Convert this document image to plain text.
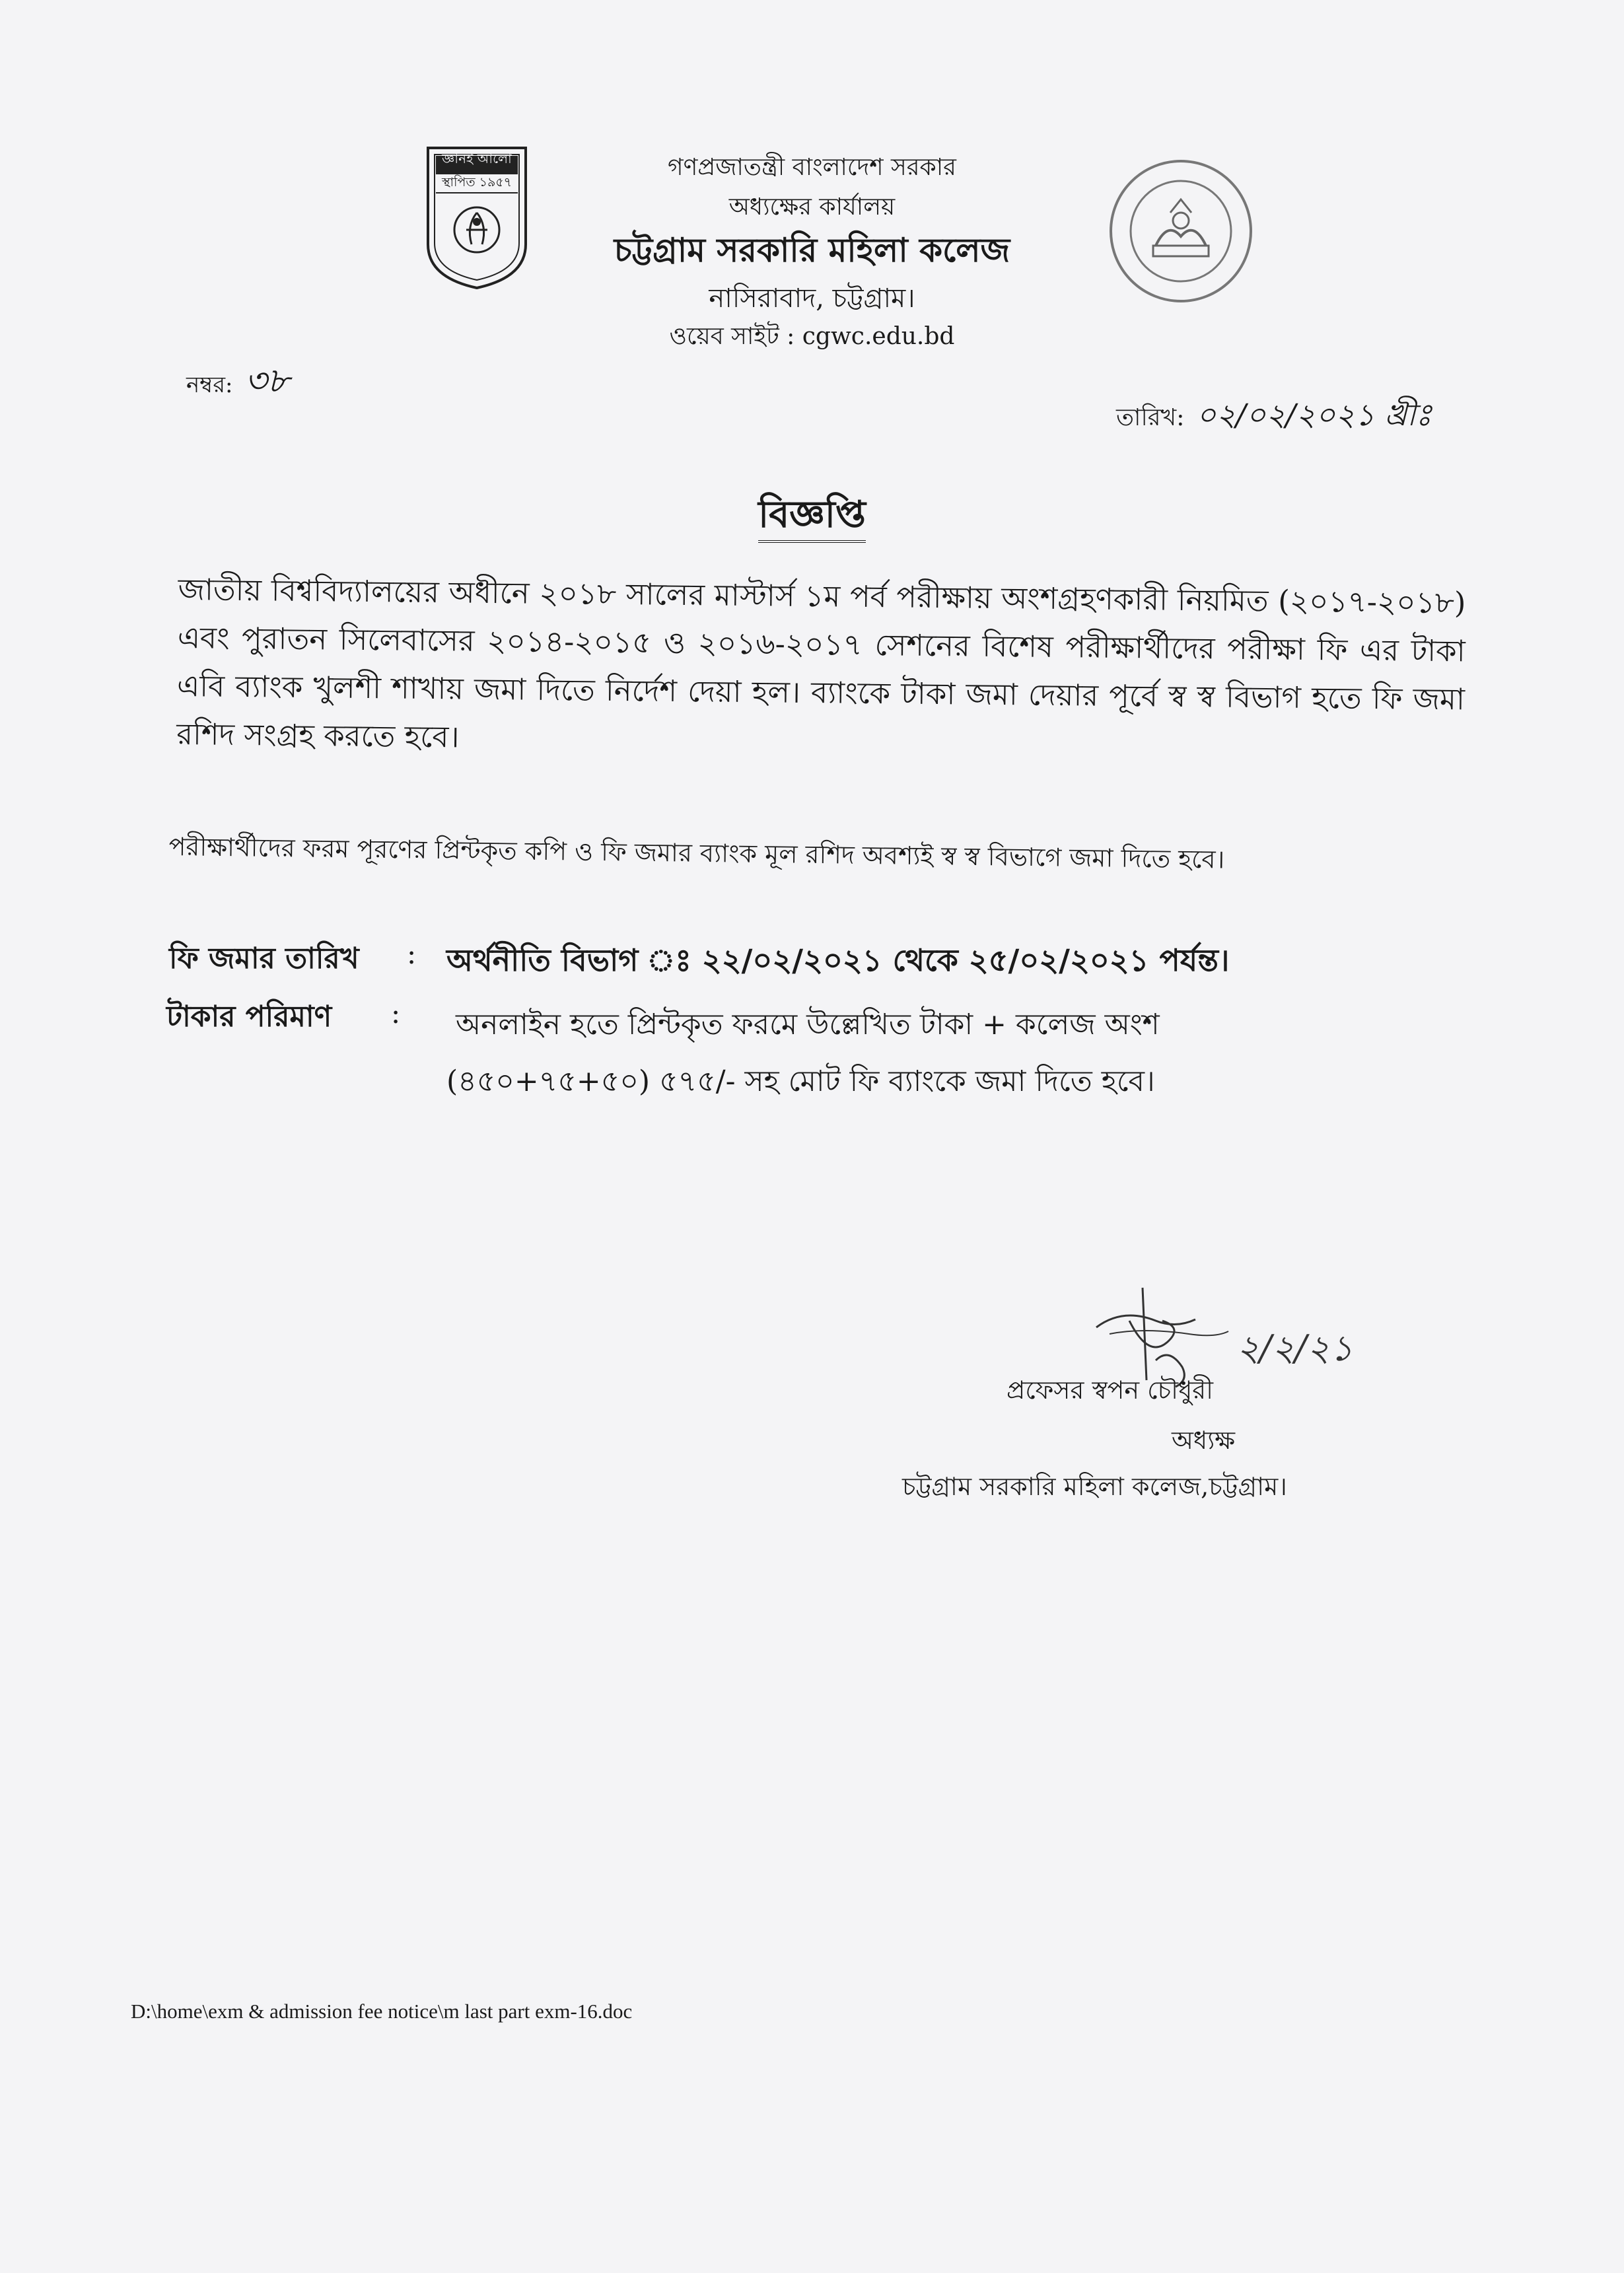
গণপ্রজাতন্ত্রী বাংলাদেশ সরকার
অধ্যক্ষের কার্যালয়
চট্টগ্রাম সরকারি মহিলা কলেজ
নাসিরাবাদ, চট্টগ্রাম।
ওয়েব সাইট : cgwc.edu.bd
জ্ঞানই আলো
স্থাপিত ১৯৫৭
নম্বর: ৩৮
তারিখ: ০২/০২/২০২১ খ্রীঃ
বিজ্ঞপ্তি
জাতীয় বিশ্ববিদ্যালয়ের অধীনে ২০১৮ সালের মাস্টার্স ১ম পর্ব পরীক্ষায় অংশগ্রহণকারী নিয়মিত (২০১৭-২০১৮) এবং পুরাতন সিলেবাসের ২০১৪-২০১৫ ও ২০১৬-২০১৭ সেশনের বিশেষ পরীক্ষার্থীদের পরীক্ষা ফি এর টাকা এবি ব্যাংক খুলশী শাখায় জমা দিতে নির্দেশ দেয়া হল। ব্যাংকে টাকা জমা দেয়ার পূর্বে স্ব স্ব বিভাগ হতে ফি জমা রশিদ সংগ্রহ করতে হবে।
পরীক্ষার্থীদের ফরম পূরণের প্রিন্টকৃত কপি ও ফি জমার ব্যাংক মূল রশিদ অবশ্যই স্ব স্ব বিভাগে জমা দিতে হবে।
ফি জমার তারিখ : অর্থনীতি বিভাগ ঃ ২২/০২/২০২১ থেকে ২৫/০২/২০২১ পর্যন্ত।
টাকার পরিমাণ : অনলাইন হতে প্রিন্টকৃত ফরমে উল্লেখিত টাকা + কলেজ অংশ
(৪৫০+৭৫+৫০) ৫৭৫/- সহ মোট ফি ব্যাংকে জমা দিতে হবে।
২/২/২১
প্রফেসর স্বপন চৌধুরী
অধ্যক্ষ
চট্টগ্রাম সরকারি মহিলা কলেজ,চট্টগ্রাম।
D:\home\exm & admission fee notice\m last part exm-16.doc
